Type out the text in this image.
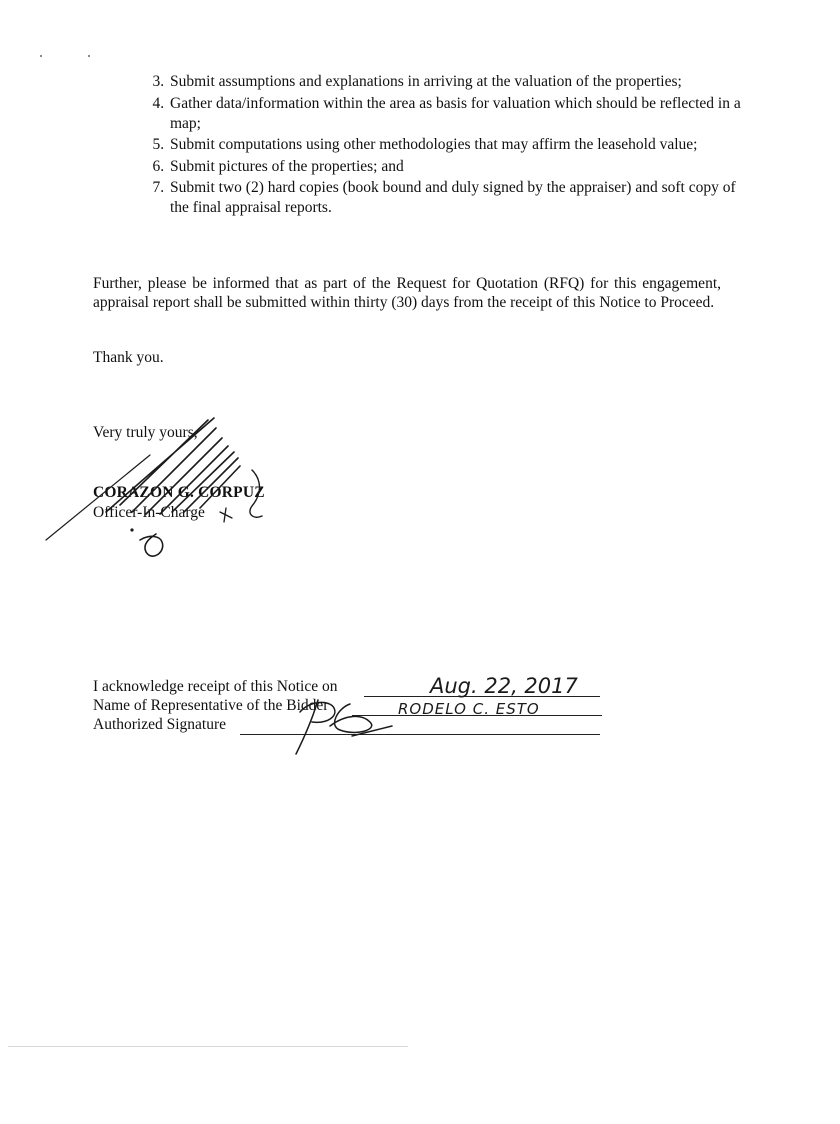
3. Submit assumptions and explanations in arriving at the valuation of the properties;
4. Gather data/information within the area as basis for valuation which should be reflected in a map;
5. Submit computations using other methodologies that may affirm the leasehold value;
6. Submit pictures of the properties; and
7. Submit two (2) hard copies (book bound and duly signed by the appraiser) and soft copy of the final appraisal reports.

Further, please be informed that as part of the Request for Quotation (RFQ) for this engagement, appraisal report shall be submitted within thirty (30) days from the receipt of this Notice to Proceed.

Thank you.

Very truly yours,

CORAZON G. CORPUZ

Officer-In-Charge

I acknowledge receipt of this Notice on

Name of Representative of the Bidder

Authorized Signature

Aug. 22, 2017
RODELO C. ESTO
